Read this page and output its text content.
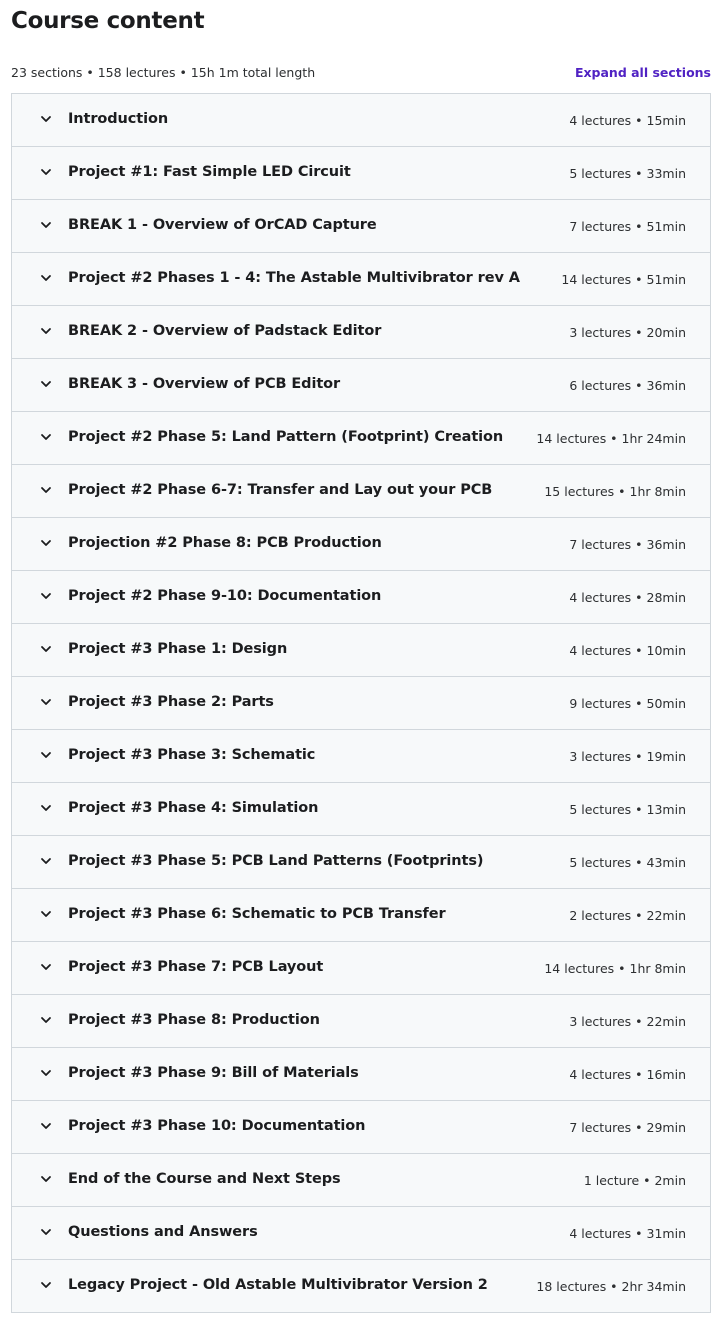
Course content
23 sections • 158 lectures • 15h 1m total length	Expand all sections
Introduction	4 lectures • 15min
Project #1: Fast Simple LED Circuit	5 lectures • 33min
BREAK 1 - Overview of OrCAD Capture	7 lectures • 51min
Project #2 Phases 1 - 4: The Astable Multivibrator rev A	14 lectures • 51min
BREAK 2 - Overview of Padstack Editor	3 lectures • 20min
BREAK 3 - Overview of PCB Editor	6 lectures • 36min
Project #2 Phase 5: Land Pattern (Footprint) Creation	14 lectures • 1hr 24min
Project #2 Phase 6-7: Transfer and Lay out your PCB	15 lectures • 1hr 8min
Projection #2 Phase 8: PCB Production	7 lectures • 36min
Project #2 Phase 9-10: Documentation	4 lectures • 28min
Project #3 Phase 1: Design	4 lectures • 10min
Project #3 Phase 2: Parts	9 lectures • 50min
Project #3 Phase 3: Schematic	3 lectures • 19min
Project #3 Phase 4: Simulation	5 lectures • 13min
Project #3 Phase 5: PCB Land Patterns (Footprints)	5 lectures • 43min
Project #3 Phase 6: Schematic to PCB Transfer	2 lectures • 22min
Project #3 Phase 7: PCB Layout	14 lectures • 1hr 8min
Project #3 Phase 8: Production	3 lectures • 22min
Project #3 Phase 9: Bill of Materials	4 lectures • 16min
Project #3 Phase 10: Documentation	7 lectures • 29min
End of the Course and Next Steps	1 lecture • 2min
Questions and Answers	4 lectures • 31min
Legacy Project - Old Astable Multivibrator Version 2	18 lectures • 2hr 34min
